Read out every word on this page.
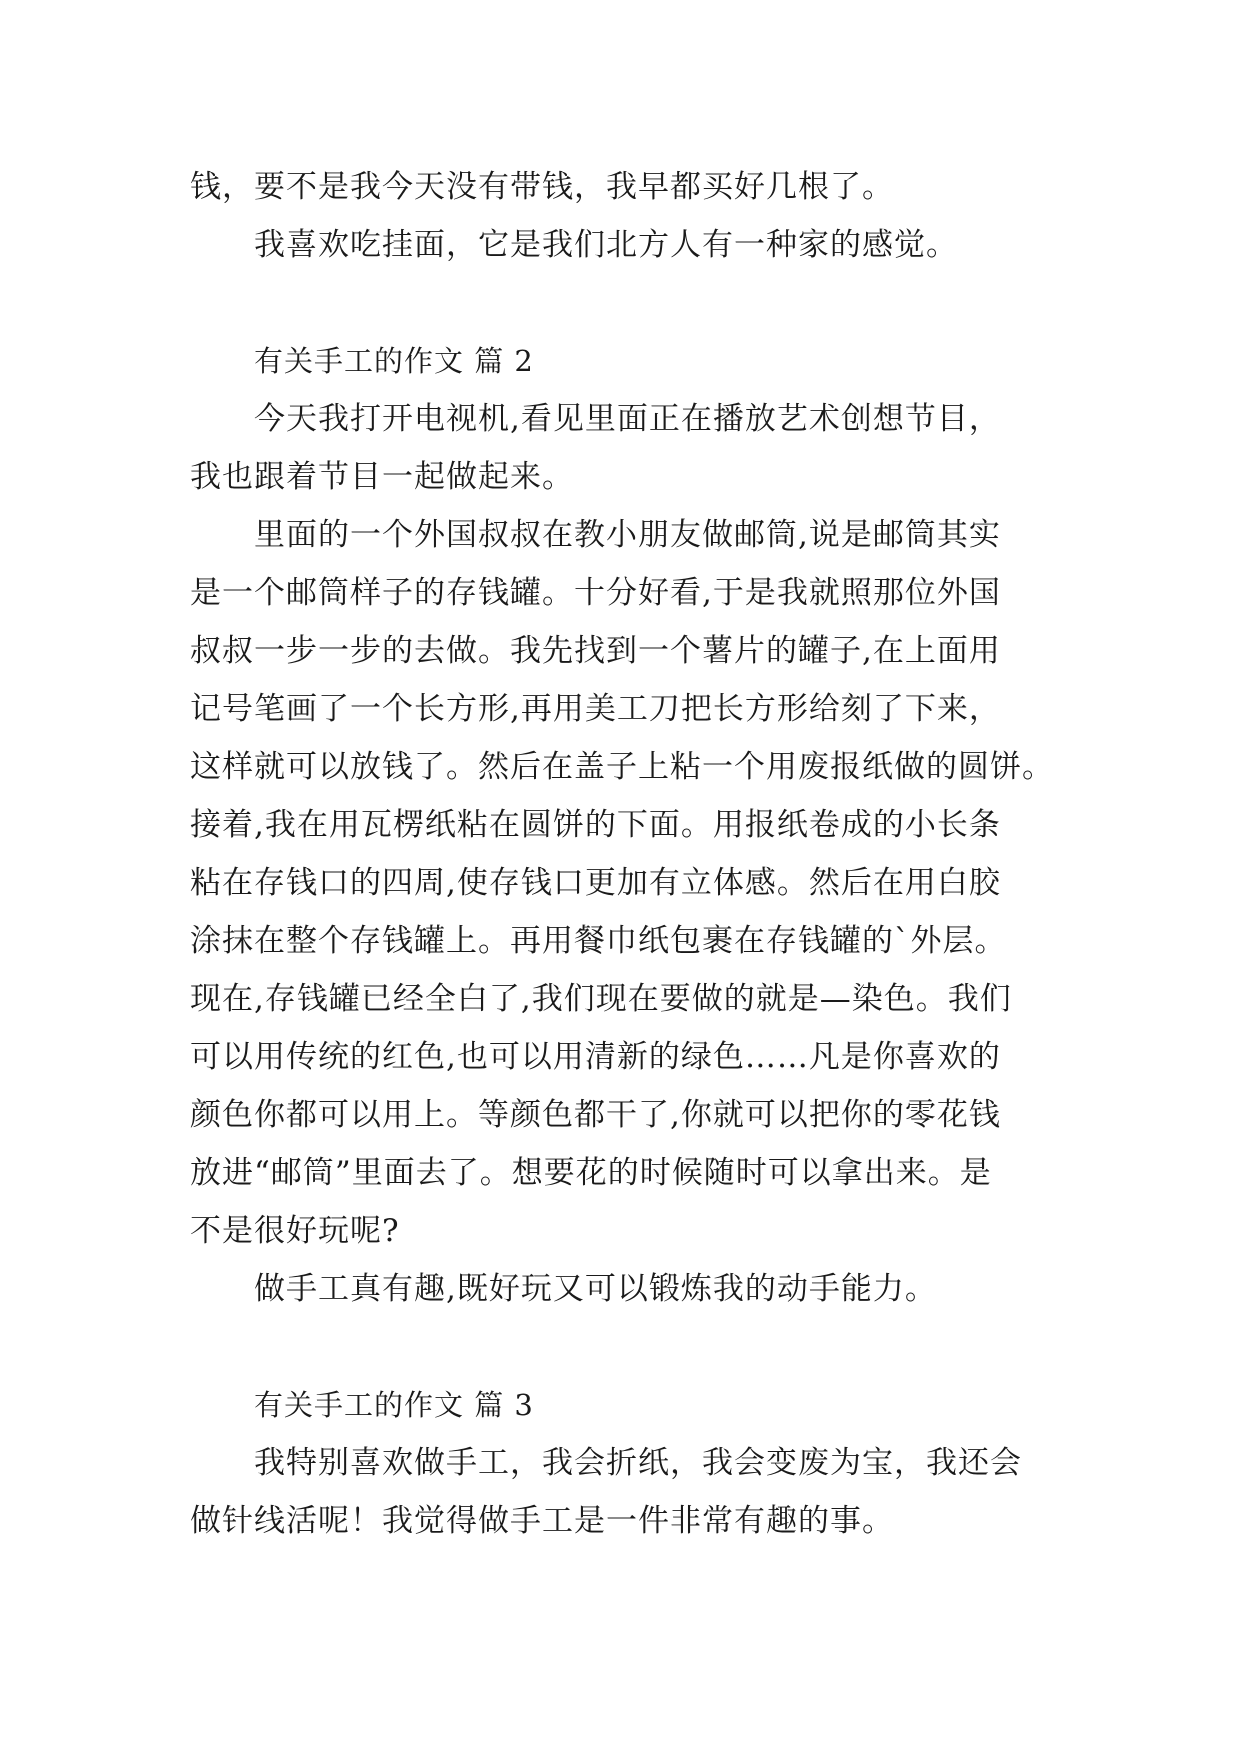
钱，要不是我今天没有带钱，我早都买好几根了。
我喜欢吃挂面，它是我们北方人有一种家的感觉。
有关手工的作文 篇 2
今天我打开电视机,看见里面正在播放艺术创想节目，
我也跟着节目一起做起来。
里面的一个外国叔叔在教小朋友做邮筒,说是邮筒其实
是一个邮筒样子的存钱罐。十分好看,于是我就照那位外国
叔叔一步一步的去做。我先找到一个薯片的罐子,在上面用
记号笔画了一个长方形,再用美工刀把长方形给刻了下来，
这样就可以放钱了。然后在盖子上粘一个用废报纸做的圆饼。
接着,我在用瓦楞纸粘在圆饼的下面。用报纸卷成的小长条
粘在存钱口的四周,使存钱口更加有立体感。然后在用白胶
涂抹在整个存钱罐上。再用餐巾纸包裹在存钱罐的`外层。
现在,存钱罐已经全白了,我们现在要做的就是—染色。我们
可以用传统的红色,也可以用清新的绿色……凡是你喜欢的
颜色你都可以用上。等颜色都干了,你就可以把你的零花钱
放进“邮筒”里面去了。想要花的时候随时可以拿出来。是
不是很好玩呢?
做手工真有趣,既好玩又可以锻炼我的动手能力。
有关手工的作文 篇 3
我特别喜欢做手工，我会折纸，我会变废为宝，我还会
做针线活呢！我觉得做手工是一件非常有趣的事。
